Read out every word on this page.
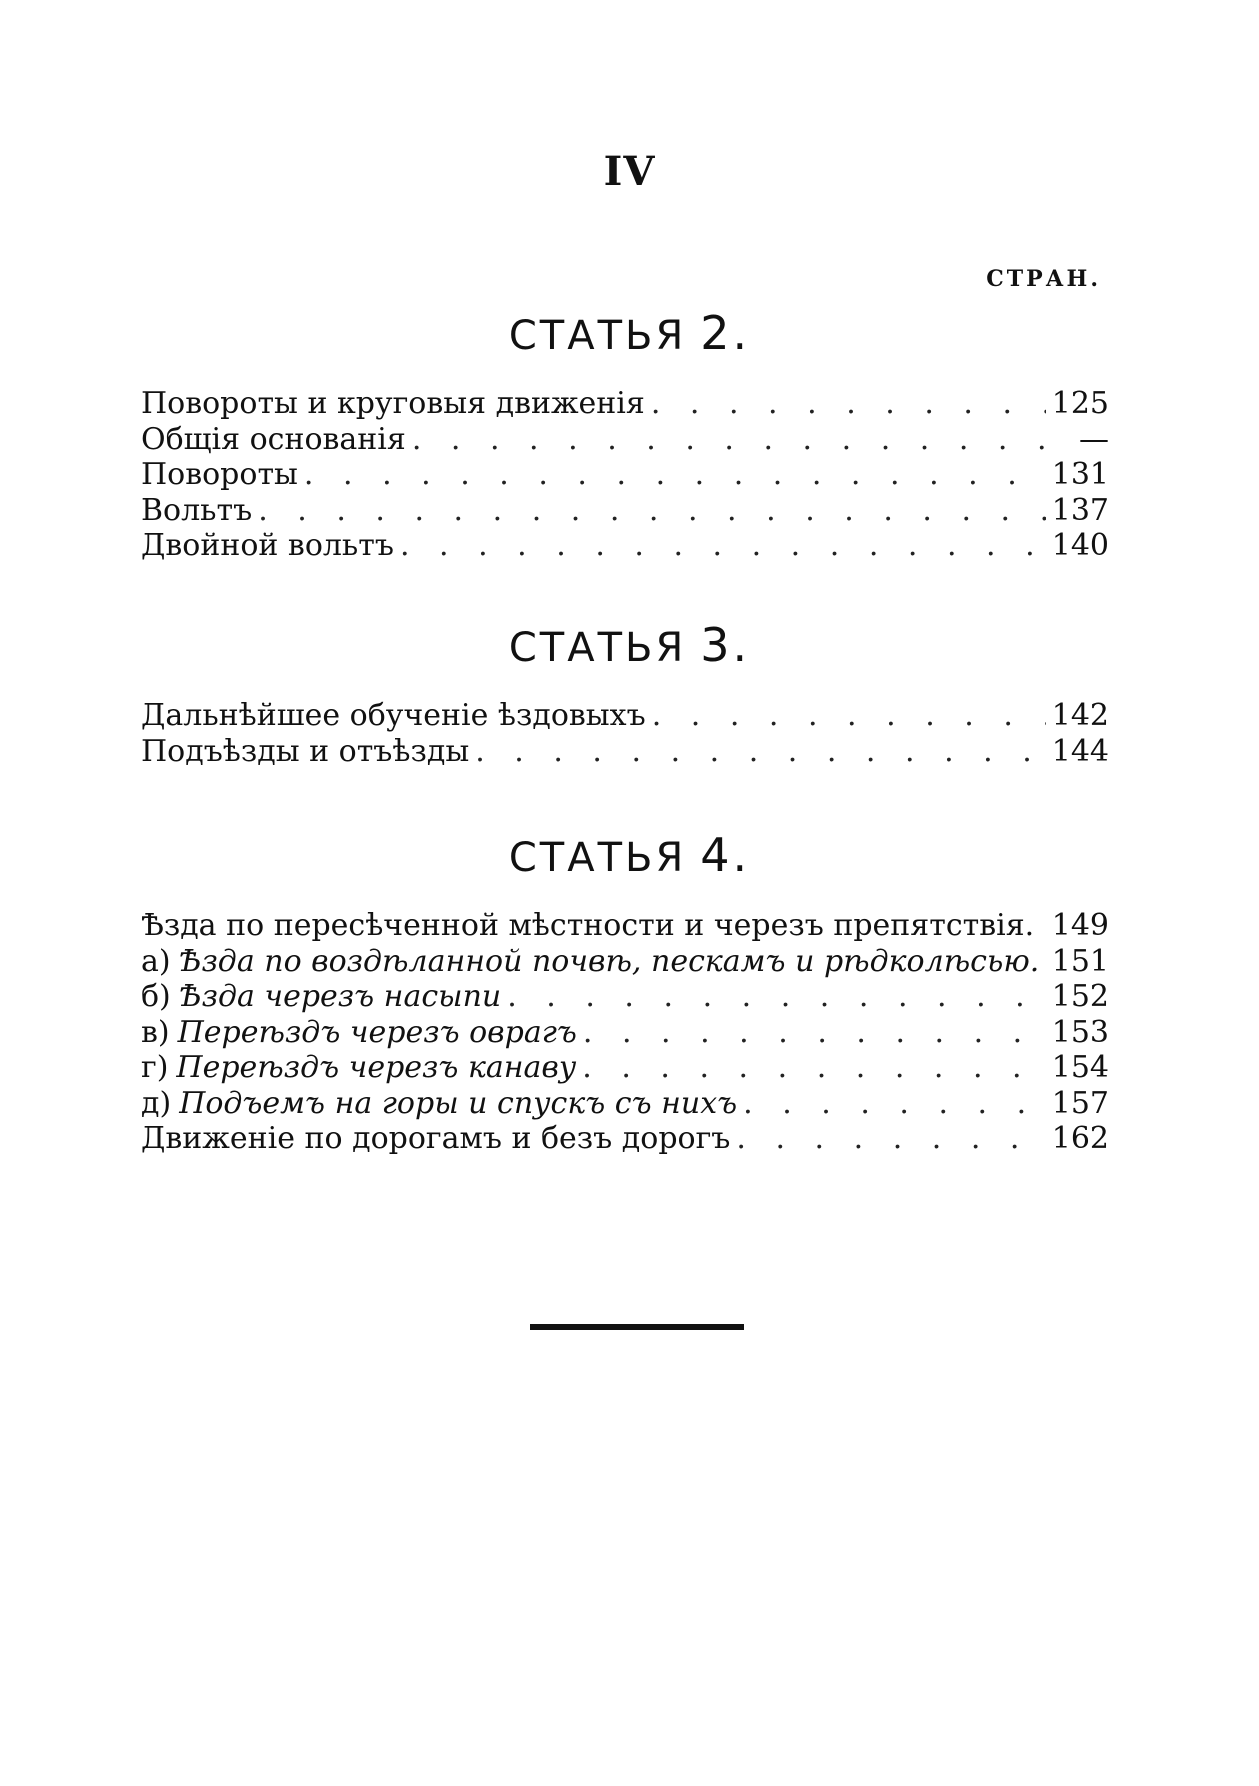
IV
СТРАН.
СТАТЬЯ 2.
Повороты и круговыя движенія . . .	125
Общія основанія . . .	—
Повороты . . .	131
Вольтъ . . .	137
Двойной вольтъ . . .	140
СТАТЬЯ 3.
Дальнѣйшее обученіе ѣздовыхъ . . .	142
Подъѣзды и отъѣзды . . .	144
СТАТЬЯ 4.
Ѣзда по пересѣченной мѣстности и черезъ препятствія. 149
а) Ѣзда по воздѣланной почвѣ, пескамъ и рѣдколѣсью. 151
б) Ѣзда черезъ насыпи . . .	152
в) Переѣздъ черезъ оврагъ . . .	153
г) Переѣздъ черезъ канаву . . .	154
д) Подъемъ на горы и спускъ съ нихъ . . .	157
Движеніе по дорогамъ и безъ дорогъ . . .	162
